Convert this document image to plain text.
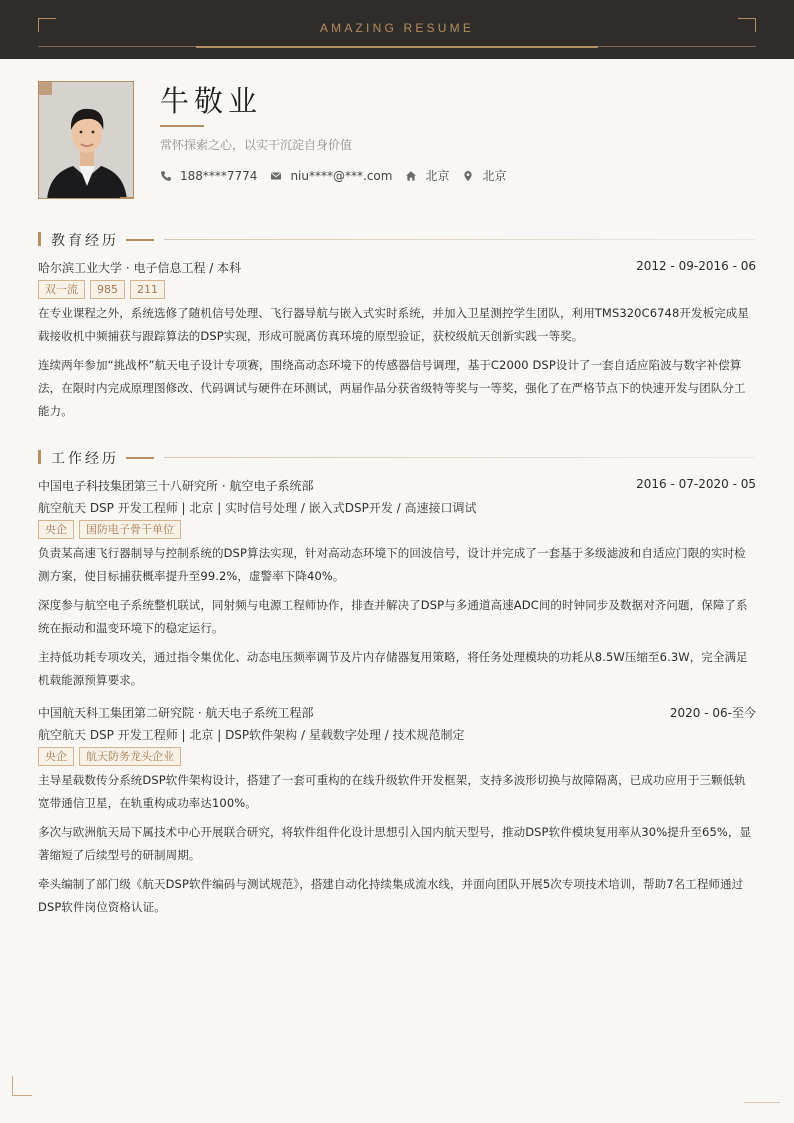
AMAZING RESUME
牛敬业
常怀探索之心，以实干沉淀自身价值
188****7774	niu****@***.com	北京	北京
教育经历
哈尔滨工业大学 · 电子信息工程 / 本科	2012 - 09-2016 - 06
双一流	985	211
在专业课程之外，系统选修了随机信号处理、飞行器导航与嵌入式实时系统，并加入卫星测控学生团队，利用TMS320C6748开发板完成星载接收机中频捕获与跟踪算法的DSP实现，形成可脱离仿真环境的原型验证，获校级航天创新实践一等奖。
连续两年参加“挑战杯”航天电子设计专项赛，围绕高动态环境下的传感器信号调理，基于C2000 DSP设计了一套自适应陷波与数字补偿算法，在限时内完成原理图修改、代码调试与硬件在环测试，两届作品分获省级特等奖与一等奖，强化了在严格节点下的快速开发与团队分工能力。
工作经历
中国电子科技集团第三十八研究所 · 航空电子系统部	2016 - 07-2020 - 05
航空航天 DSP 开发工程师 | 北京 | 实时信号处理 / 嵌入式DSP开发 / 高速接口调试
央企	国防电子骨干单位
负责某高速飞行器制导与控制系统的DSP算法实现，针对高动态环境下的回波信号，设计并完成了一套基于多级滤波和自适应门限的实时检测方案，使目标捕获概率提升至99.2%，虚警率下降40%。
深度参与航空电子系统整机联试，同射频与电源工程师协作，排查并解决了DSP与多通道高速ADC间的时钟同步及数据对齐问题，保障了系统在振动和温变环境下的稳定运行。
主持低功耗专项攻关，通过指令集优化、动态电压频率调节及片内存储器复用策略，将任务处理模块的功耗从8.5W压缩至6.3W，完全满足机载能源预算要求。
中国航天科工集团第二研究院 · 航天电子系统工程部	2020 - 06-至今
航空航天 DSP 开发工程师 | 北京 | DSP软件架构 / 星载数字处理 / 技术规范制定
央企	航天防务龙头企业
主导星载数传分系统DSP软件架构设计，搭建了一套可重构的在线升级软件开发框架，支持多波形切换与故障隔离，已成功应用于三颗低轨宽带通信卫星，在轨重构成功率达100%。
多次与欧洲航天局下属技术中心开展联合研究，将软件组件化设计思想引入国内航天型号，推动DSP软件模块复用率从30%提升至65%，显著缩短了后续型号的研制周期。
牵头编制了部门级《航天DSP软件编码与测试规范》，搭建自动化持续集成流水线，并面向团队开展5次专项技术培训，帮助7名工程师通过DSP软件岗位资格认证。
